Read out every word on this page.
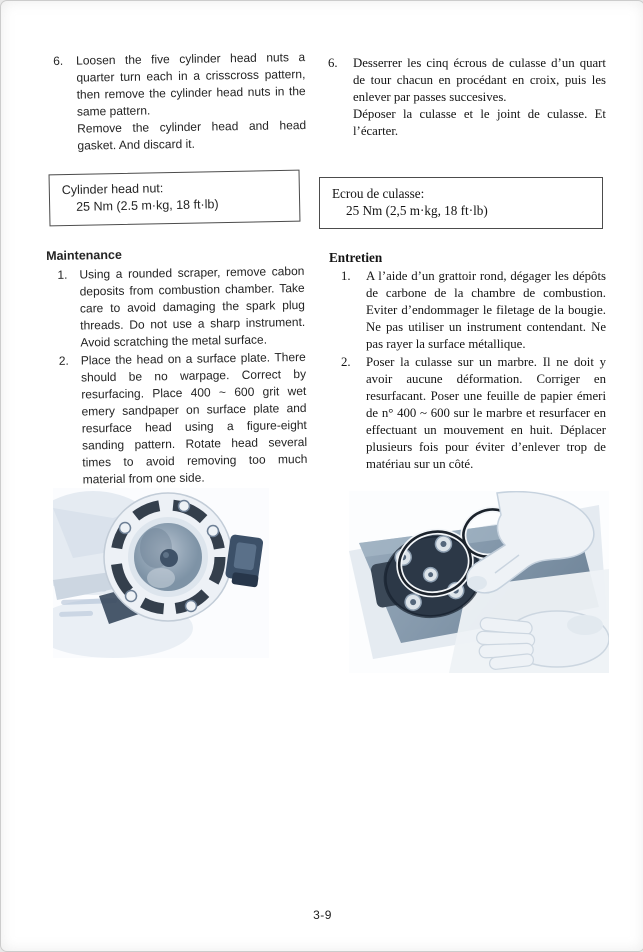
6.	Loosen the five cylinder head nuts a quarter turn each in a crisscross pattern, then remove the cylinder head nuts in the same pattern.
Remove the cylinder head and head gasket. And discard it.
Cylinder head nut:
25 Nm (2.5 m·kg, 18 ft·lb)
Maintenance
1. Using a rounded scraper, remove cabon deposits from combustion chamber. Take care to avoid damaging the spark plug threads. Do not use a sharp instrument. Avoid scratching the metal surface.
2. Place the head on a surface plate. There should be no warpage. Correct by resurfacing. Place 400 ~ 600 grit wet emery sandpaper on surface plate and resurface head using a figure-eight sanding pattern. Rotate head several times to avoid removing too much material from one side.
6.	Desserrer les cinq écrous de culasse d’un quart de tour chacun en procédant en croix, puis les enlever par passes succesives.
Déposer la culasse et le joint de culasse. Et l’écarter.
Ecrou de culasse:
25 Nm (2,5 m·kg, 18 ft·lb)
Entretien
1.	A l’aide d’un grattoir rond, dégager les dépôts de carbone de la chambre de combustion. Eviter d’endommager le filetage de la bougie. Ne pas utiliser un instrument contendant. Ne pas rayer la surface métallique.
2.	Poser la culasse sur un marbre. Il ne doit y avoir aucune déformation. Corriger en resurfacant. Poser une feuille de papier émeri de n° 400 ~ 600 sur le marbre et resurfacer en effectuant un mouvement en huit. Déplacer plusieurs fois pour éviter d’enlever trop de matériau sur un côté.
3-9
